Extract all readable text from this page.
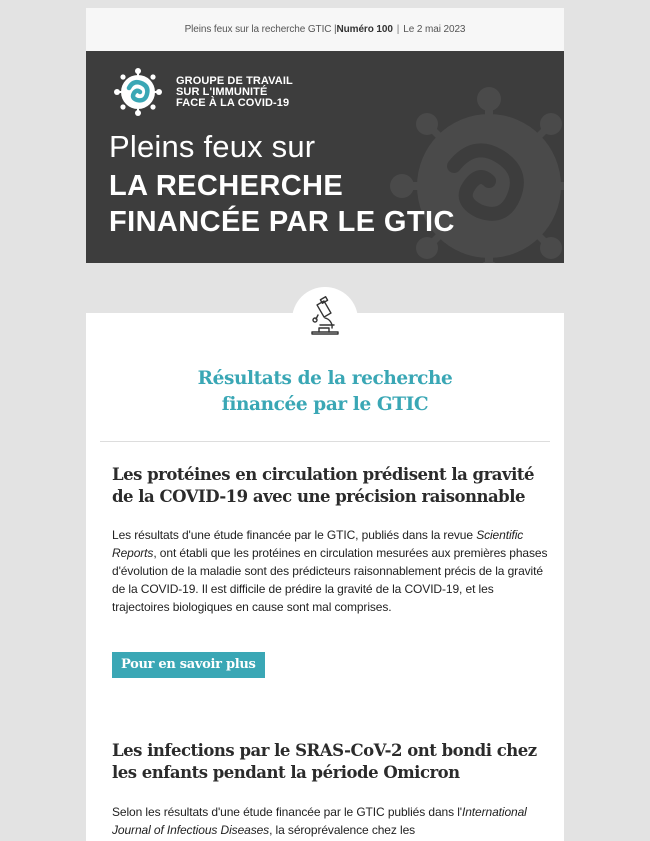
Pleins feux sur la recherche GTIC | Numéro 100 | Le 2 mai 2023
GROUPE DE TRAVAIL
SUR L'IMMUNITÉ
FACE À LA COVID-19
Pleins feux sur
LA RECHERCHE
FINANCÉE PAR LE GTIC
Résultats de la recherche
financée par le GTIC
Les protéines en circulation prédisent la gravité
de la COVID-19 avec une précision raisonnable
Les résultats d'une étude financée par le GTIC, publiés dans la revue Scientific Reports, ont établi que les protéines en circulation mesurées aux premières phases d'évolution de la maladie sont des prédicteurs raisonnablement précis de la gravité de la COVID-19. Il est difficile de prédire la gravité de la COVID-19, et les trajectoires biologiques en cause sont mal comprises.
Pour en savoir plus
Les infections par le SRAS-CoV-2 ont bondi chez
les enfants pendant la période Omicron
Selon les résultats d'une étude financée par le GTIC publiés dans l'International Journal of Infectious Diseases, la séroprévalence chez les
